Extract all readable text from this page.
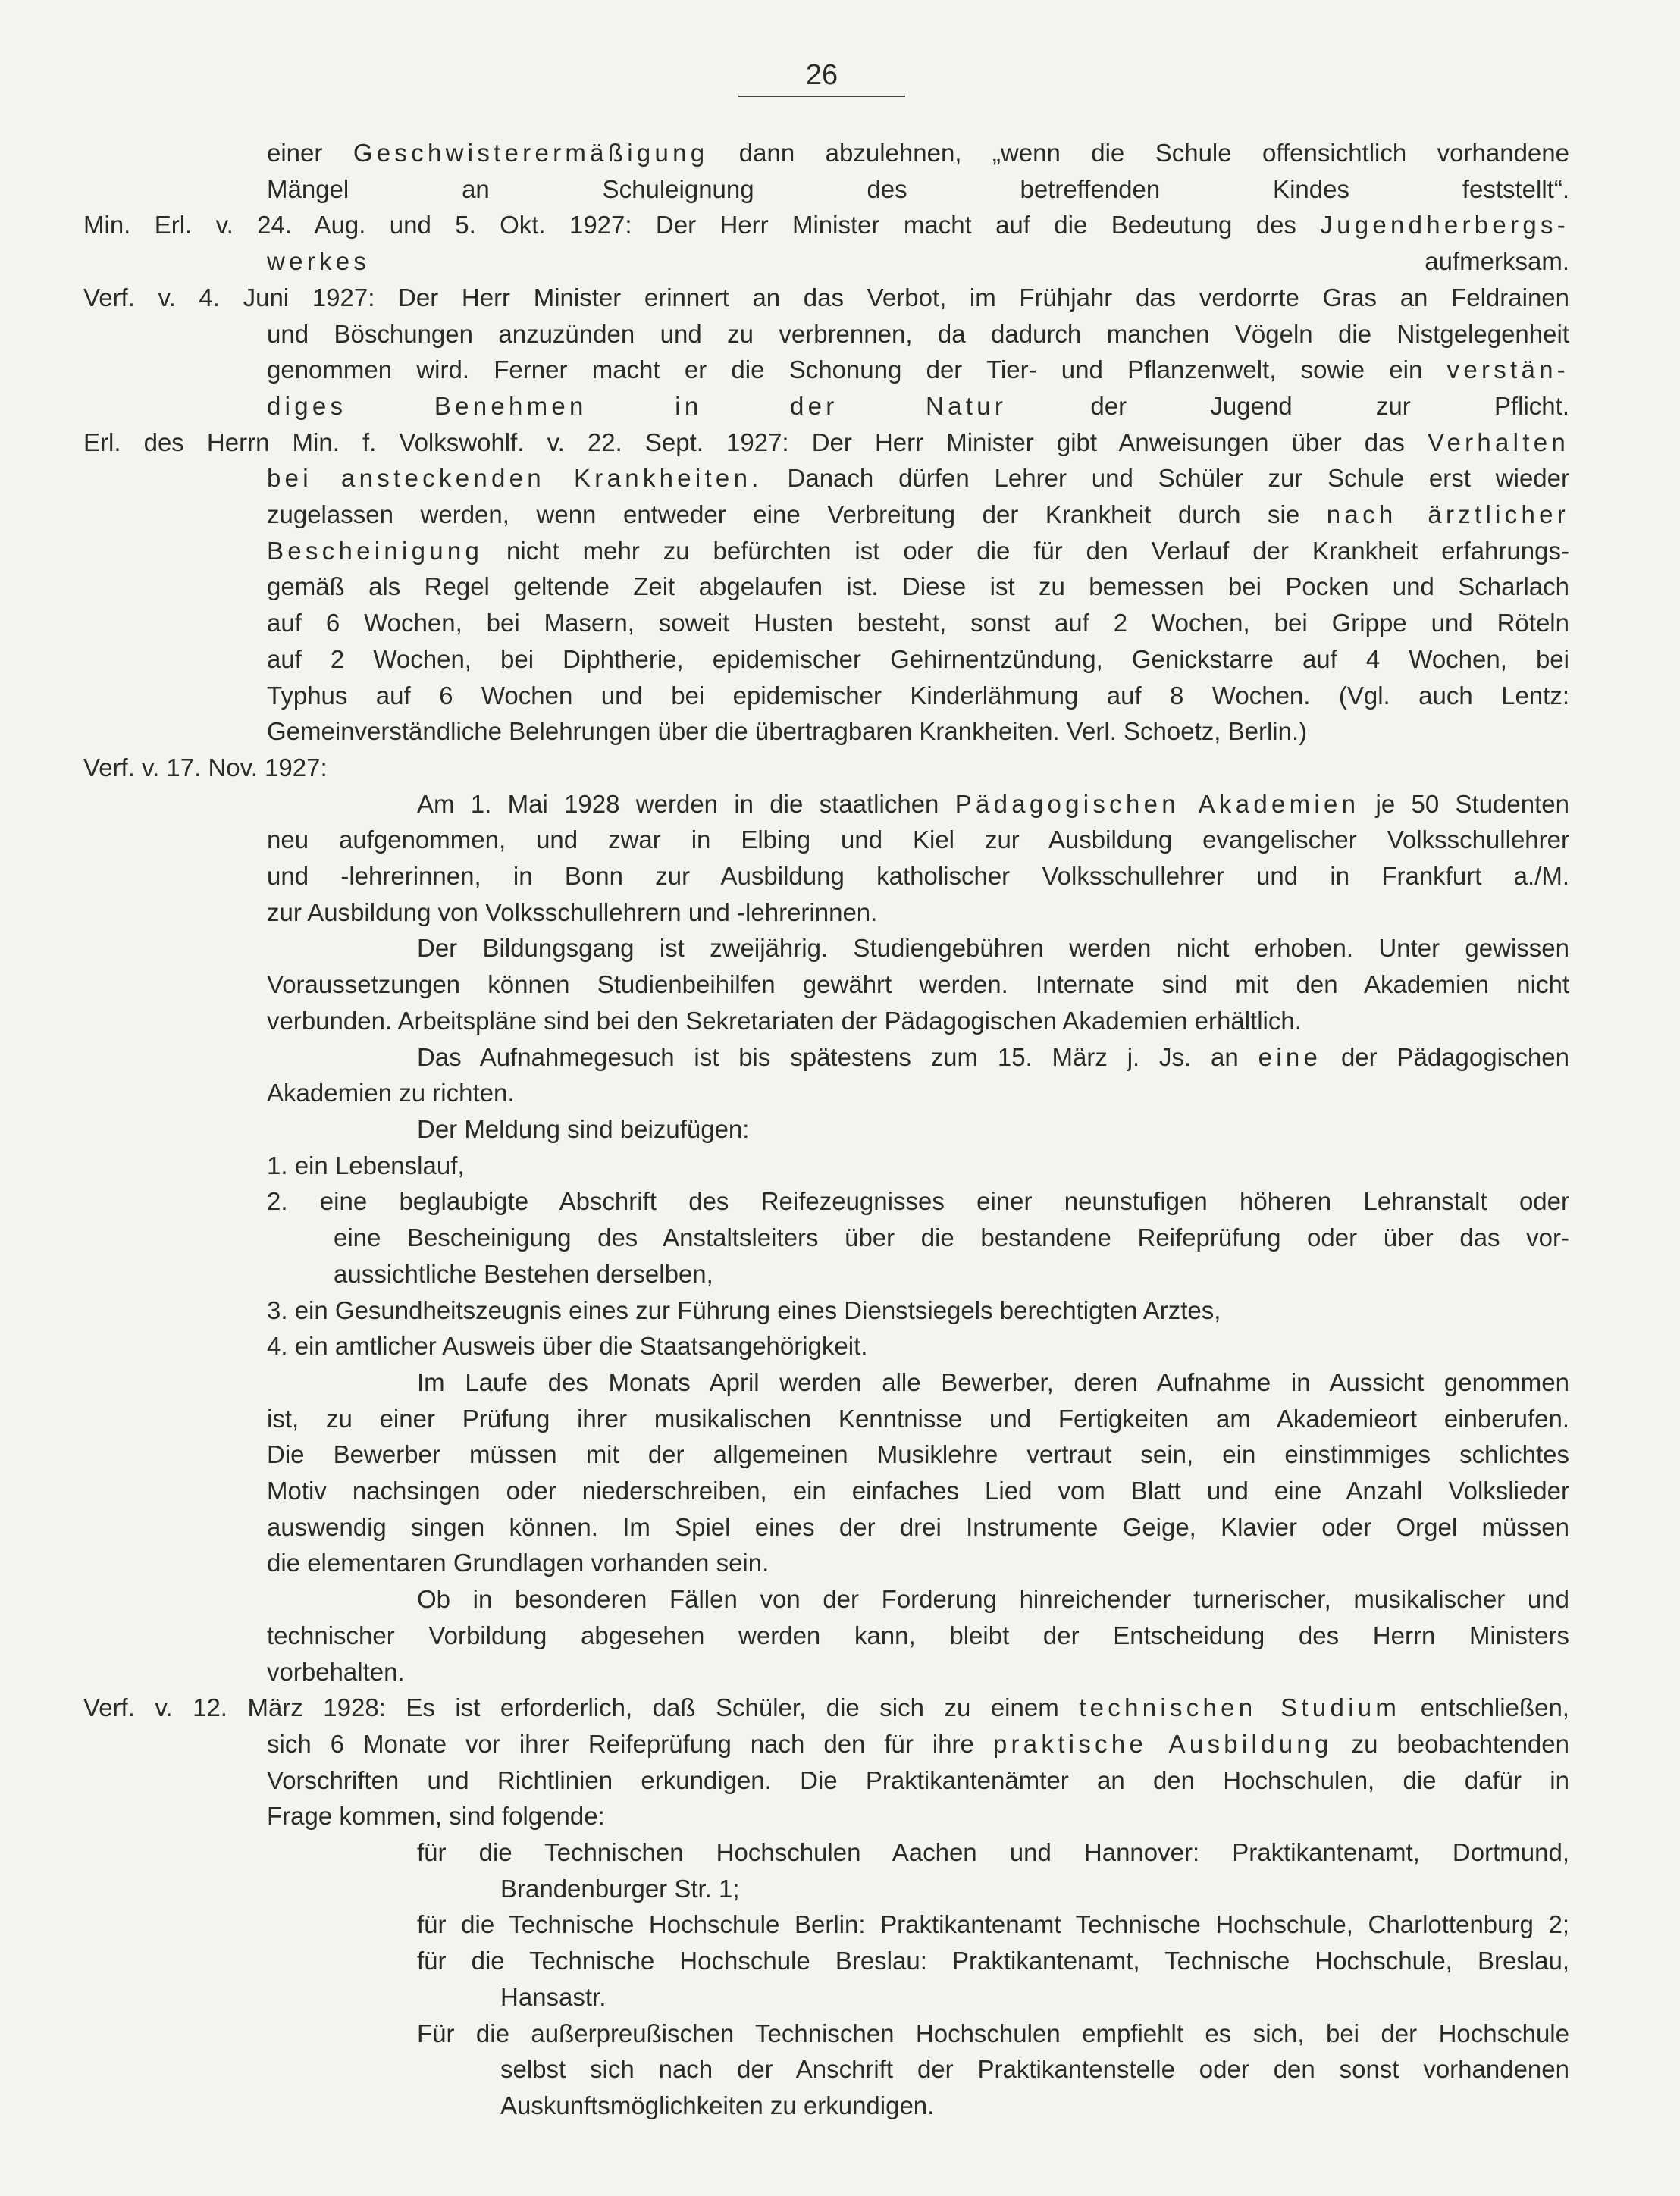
26
einer Geschwisterermäßigung dann abzulehnen, „wenn die Schule offensichtlich vorhandene
Mängel an Schuleignung des betreffenden Kindes feststellt“.
Min. Erl. v. 24. Aug. und 5. Okt. 1927: Der Herr Minister macht auf die Bedeutung des Jugendherbergs-
werkes aufmerksam.
Verf. v. 4. Juni 1927: Der Herr Minister erinnert an das Verbot, im Frühjahr das verdorrte Gras an Feldrainen
und Böschungen anzuzünden und zu verbrennen, da dadurch manchen Vögeln die Nistgelegenheit
genommen wird. Ferner macht er die Schonung der Tier- und Pflanzenwelt, sowie ein verstän-
diges Benehmen in der Natur der Jugend zur Pflicht.
Erl. des Herrn Min. f. Volkswohlf. v. 22. Sept. 1927: Der Herr Minister gibt Anweisungen über das Verhalten
bei ansteckenden Krankheiten. Danach dürfen Lehrer und Schüler zur Schule erst wieder
zugelassen werden, wenn entweder eine Verbreitung der Krankheit durch sie nach ärztlicher
Bescheinigung nicht mehr zu befürchten ist oder die für den Verlauf der Krankheit erfahrungs-
gemäß als Regel geltende Zeit abgelaufen ist. Diese ist zu bemessen bei Pocken und Scharlach
auf 6 Wochen, bei Masern, soweit Husten besteht, sonst auf 2 Wochen, bei Grippe und Röteln
auf 2 Wochen, bei Diphtherie, epidemischer Gehirnentzündung, Genickstarre auf 4 Wochen, bei
Typhus auf 6 Wochen und bei epidemischer Kinderlähmung auf 8 Wochen. (Vgl. auch Lentz:
Gemeinverständliche Belehrungen über die übertragbaren Krankheiten. Verl. Schoetz, Berlin.)
Verf. v. 17. Nov. 1927:
Am 1. Mai 1928 werden in die staatlichen Pädagogischen Akademien je 50 Studenten
neu aufgenommen, und zwar in Elbing und Kiel zur Ausbildung evangelischer Volksschullehrer
und -lehrerinnen, in Bonn zur Ausbildung katholischer Volksschullehrer und in Frankfurt a./M.
zur Ausbildung von Volksschullehrern und -lehrerinnen.
Der Bildungsgang ist zweijährig. Studiengebühren werden nicht erhoben. Unter gewissen
Voraussetzungen können Studienbeihilfen gewährt werden. Internate sind mit den Akademien nicht
verbunden. Arbeitspläne sind bei den Sekretariaten der Pädagogischen Akademien erhältlich.
Das Aufnahmegesuch ist bis spätestens zum 15. März j. Js. an eine der Pädagogischen
Akademien zu richten.
Der Meldung sind beizufügen:
1. ein Lebenslauf,
2. eine beglaubigte Abschrift des Reifezeugnisses einer neunstufigen höheren Lehranstalt oder
eine Bescheinigung des Anstaltsleiters über die bestandene Reifeprüfung oder über das vor-
aussichtliche Bestehen derselben,
3. ein Gesundheitszeugnis eines zur Führung eines Dienstsiegels berechtigten Arztes,
4. ein amtlicher Ausweis über die Staatsangehörigkeit.
Im Laufe des Monats April werden alle Bewerber, deren Aufnahme in Aussicht genommen
ist, zu einer Prüfung ihrer musikalischen Kenntnisse und Fertigkeiten am Akademieort einberufen.
Die Bewerber müssen mit der allgemeinen Musiklehre vertraut sein, ein einstimmiges schlichtes
Motiv nachsingen oder niederschreiben, ein einfaches Lied vom Blatt und eine Anzahl Volkslieder
auswendig singen können. Im Spiel eines der drei Instrumente Geige, Klavier oder Orgel müssen
die elementaren Grundlagen vorhanden sein.
Ob in besonderen Fällen von der Forderung hinreichender turnerischer, musikalischer und
technischer Vorbildung abgesehen werden kann, bleibt der Entscheidung des Herrn Ministers
vorbehalten.
Verf. v. 12. März 1928: Es ist erforderlich, daß Schüler, die sich zu einem technischen Studium entschließen,
sich 6 Monate vor ihrer Reifeprüfung nach den für ihre praktische Ausbildung zu beobachtenden
Vorschriften und Richtlinien erkundigen. Die Praktikantenämter an den Hochschulen, die dafür in
Frage kommen, sind folgende:
für die Technischen Hochschulen Aachen und Hannover: Praktikantenamt, Dortmund,
Brandenburger Str. 1;
für die Technische Hochschule Berlin: Praktikantenamt Technische Hochschule, Charlottenburg 2;
für die Technische Hochschule Breslau: Praktikantenamt, Technische Hochschule, Breslau,
Hansastr.
Für die außerpreußischen Technischen Hochschulen empfiehlt es sich, bei der Hochschule
selbst sich nach der Anschrift der Praktikantenstelle oder den sonst vorhandenen
Auskunftsmöglichkeiten zu erkundigen.
